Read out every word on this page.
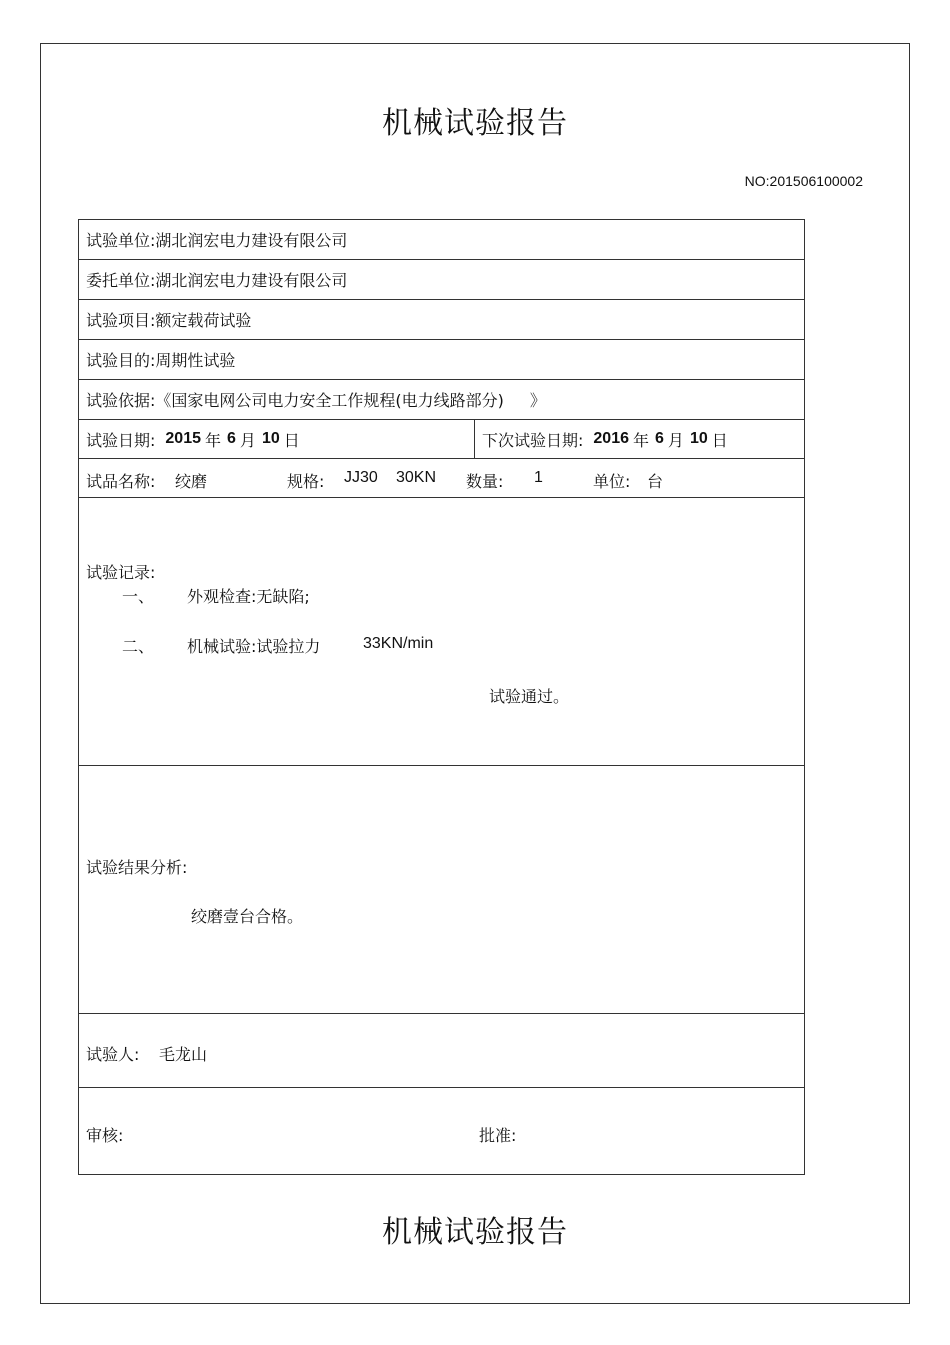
机械试验报告
NO:201506100002
试验单位: 湖北润宏电力建设有限公司
委托单位: 湖北润宏电力建设有限公司
试验项目: 额定载荷试验
试验目的: 周期性试验
试验依据: 《国家电网公司电力安全工作规程(电力线路部分) 》
试验日期: 2015 年 6 月 10 日	下次试验日期: 2016 年 6 月 10 日
试品名称: 绞磨	规格: JJ30 30KN 数量: 1	单位: 台
试验记录:
一、 外观检查:无缺陷;
二、 机械试验:试验拉力	33KN/min
试验通过。
试验结果分析:
绞磨壹台合格。
试验人: 毛龙山
审核:	批准:
机械试验报告
